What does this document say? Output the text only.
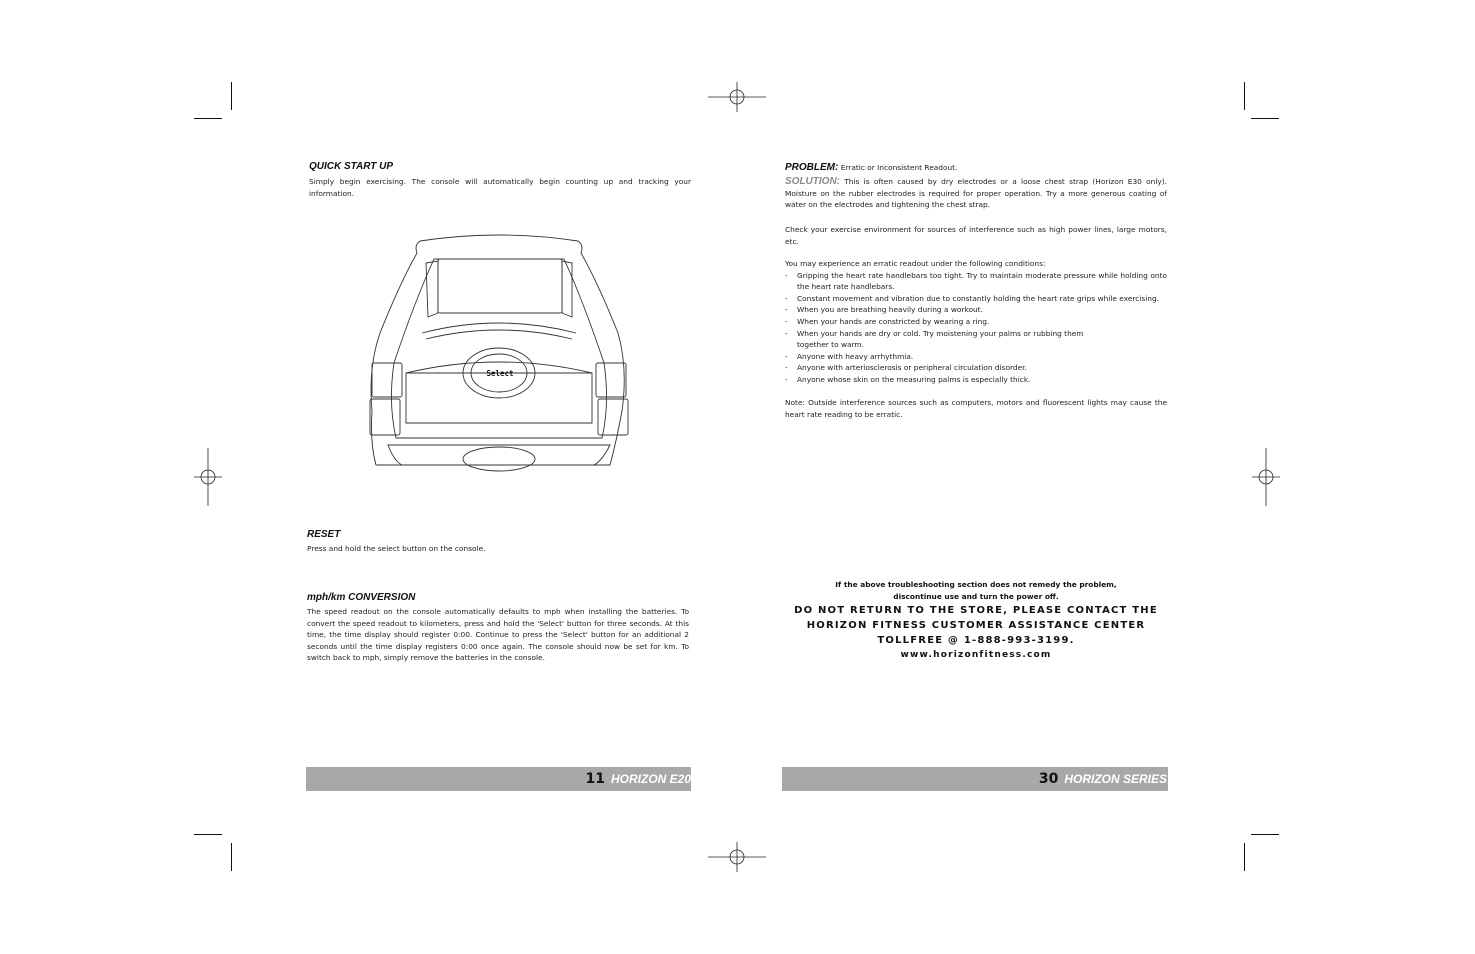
QUICK START UP
Simply begin exercising. The console will automatically begin counting up and tracking your information.
Select
RESET
Press and hold the select button on the console.
mph/km CONVERSION
The speed readout on the console automatically defaults to mph when installing the batteries. To convert the speed readout to kilometers, press and hold the 'Select' button for three seconds. At this time, the time display should register 0:00. Continue to press the 'Select' button for an additional 2 seconds until the time display registers 0:00 once again. The console should now be set for km. To switch back to mph, simply remove the batteries in the console.
11 HORIZON E20
PROBLEM: Erratic or Inconsistent Readout.
SOLUTION: This is often caused by dry electrodes or a loose chest strap (Horizon E30 only). Moisture on the rubber electrodes is required for proper operation. Try a more generous coating of water on the electrodes and tightening the chest strap.
Check your exercise environment for sources of interference such as high power lines, large motors, etc.
You may experience an erratic readout under the following conditions:
-	Gripping the heart rate handlebars too tight. Try to maintain moderate pressure while holding onto the heart rate handlebars.
-	Constant movement and vibration due to constantly holding the heart rate grips while exercising.
-	When you are breathing heavily during a workout.
-	When your hands are constricted by wearing a ring.
-	When your hands are dry or cold. Try moistening your palms or rubbing them together to warm.
-	Anyone with heavy arrhythmia.
-	Anyone with arteriosclerosis or peripheral circulation disorder.
-	Anyone whose skin on the measuring palms is especially thick.
Note: Outside interference sources such as computers, motors and fluorescent lights may cause the heart rate reading to be erratic.
If the above troubleshooting section does not remedy the problem,
discontinue use and turn the power off.
DO NOT RETURN TO THE STORE, PLEASE CONTACT THE
HORIZON FITNESS CUSTOMER ASSISTANCE CENTER
TOLLFREE @ 1-888-993-3199.
www.horizonfitness.com
30 HORIZON SERIES
